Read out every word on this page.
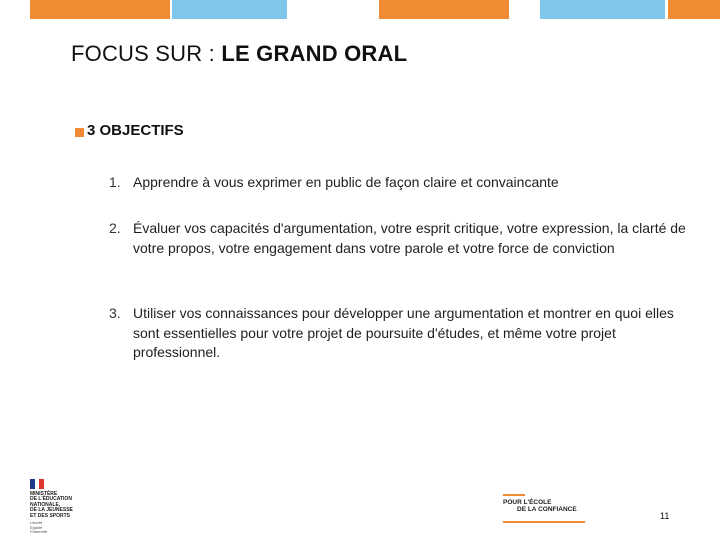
FOCUS SUR : LE GRAND ORAL
3 OBJECTIFS
1. Apprendre à vous exprimer en public de façon claire et convaincante
2. Évaluer vos capacités d'argumentation, votre esprit critique, votre expression, la clarté de votre propos, votre engagement dans votre parole et votre force de conviction
3. Utiliser vos connaissances pour développer une argumentation et montrer en quoi elles sont essentielles pour votre projet de poursuite d'études, et même votre projet professionnel.
MINISTÈRE
DE L'ÉDUCATION
NATIONALE,
DE LA JEUNESSE
ET DES SPORTS
Liberté
Égalité
Fraternité
POUR L'ÉCOLE
DE LA CONFIANCE
11
